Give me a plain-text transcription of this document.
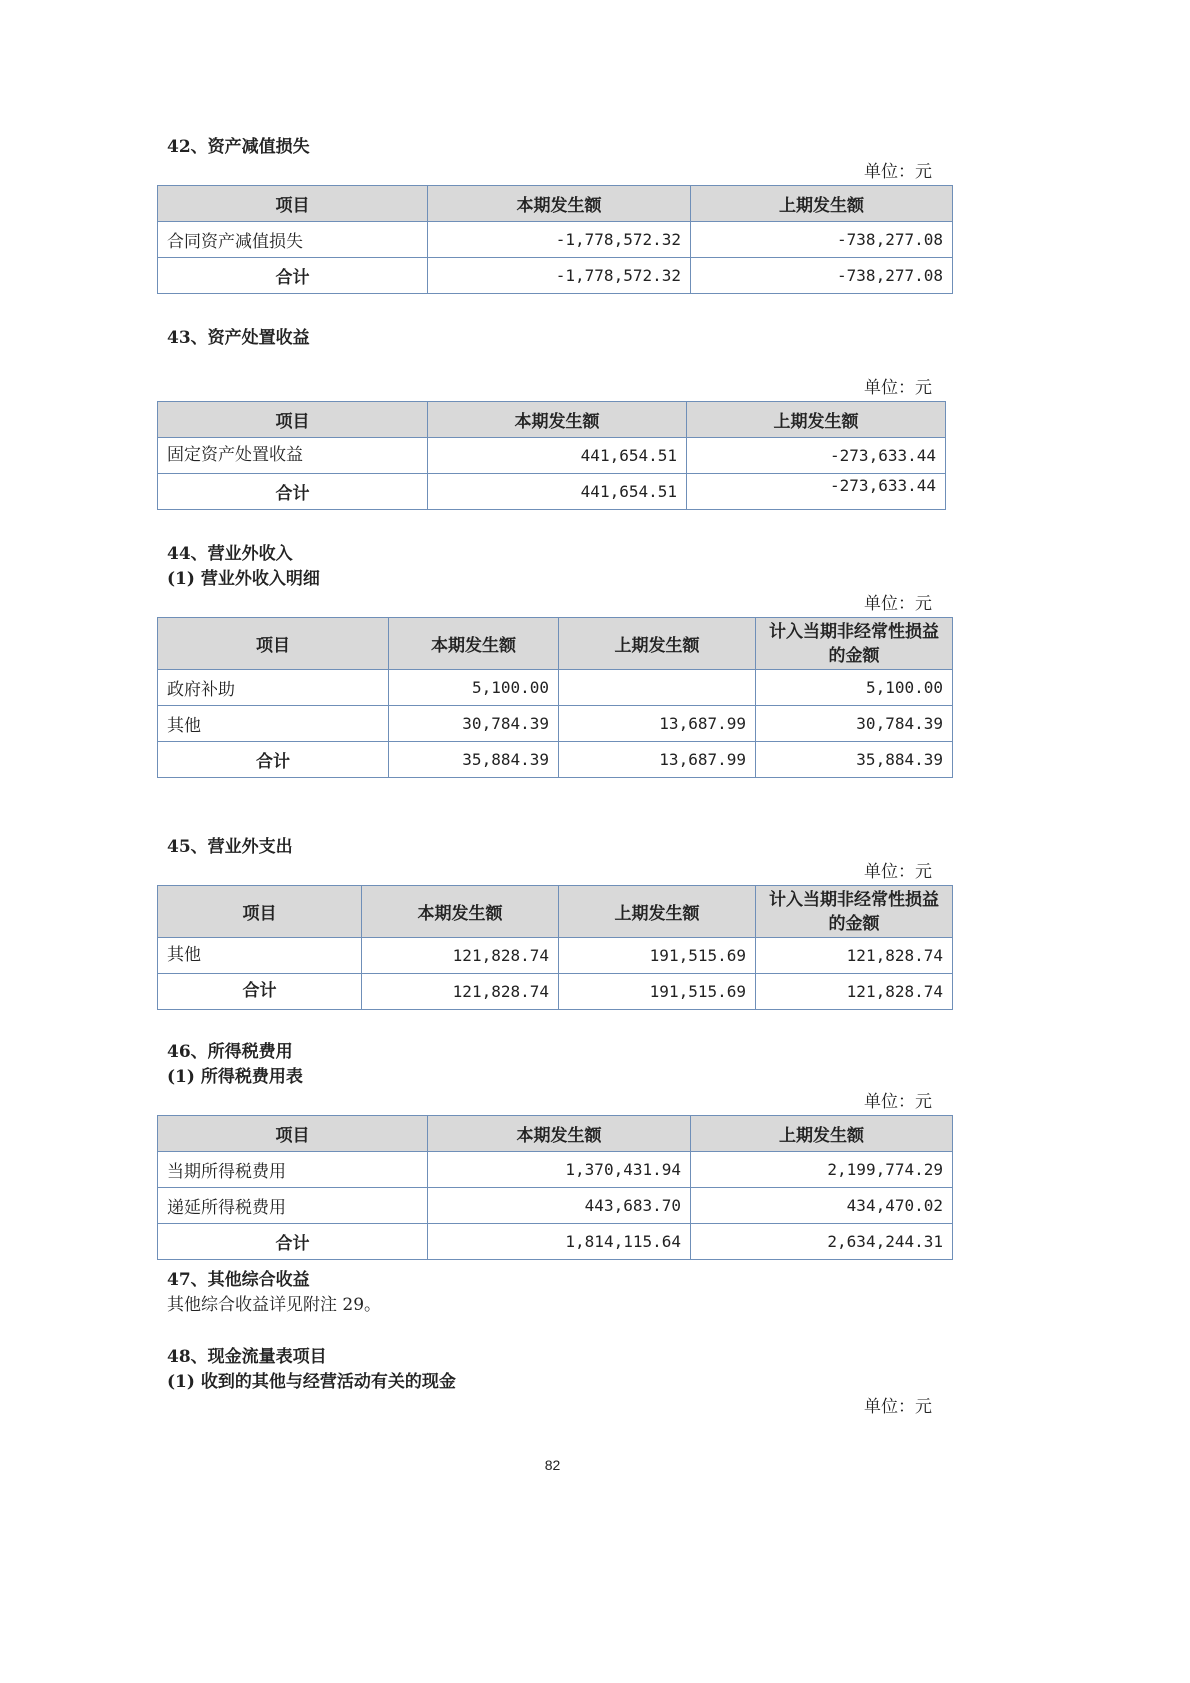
42、资产减值损失
单位：元
项目	本期发生额	上期发生额
合同资产减值损失	-1,778,572.32	-738,277.08
合计	-1,778,572.32	-738,277.08
43、资产处置收益
单位：元
项目	本期发生额	上期发生额
固定资产处置收益	441,654.51	-273,633.44
合计	441,654.51	-273,633.44
44、营业外收入
(1) 营业外收入明细
单位：元
项目	本期发生额	上期发生额	计入当期非经常性损益的金额
政府补助	5,100.00		5,100.00
其他	30,784.39	13,687.99	30,784.39
合计	35,884.39	13,687.99	35,884.39
45、营业外支出
单位：元
项目	本期发生额	上期发生额	计入当期非经常性损益的金额
其他	121,828.74	191,515.69	121,828.74
合计	121,828.74	191,515.69	121,828.74
46、所得税费用
(1) 所得税费用表
单位：元
项目	本期发生额	上期发生额
当期所得税费用	1,370,431.94	2,199,774.29
递延所得税费用	443,683.70	434,470.02
合计	1,814,115.64	2,634,244.31
47、其他综合收益
其他综合收益详见附注 29。
48、现金流量表项目
(1) 收到的其他与经营活动有关的现金
单位：元
82
